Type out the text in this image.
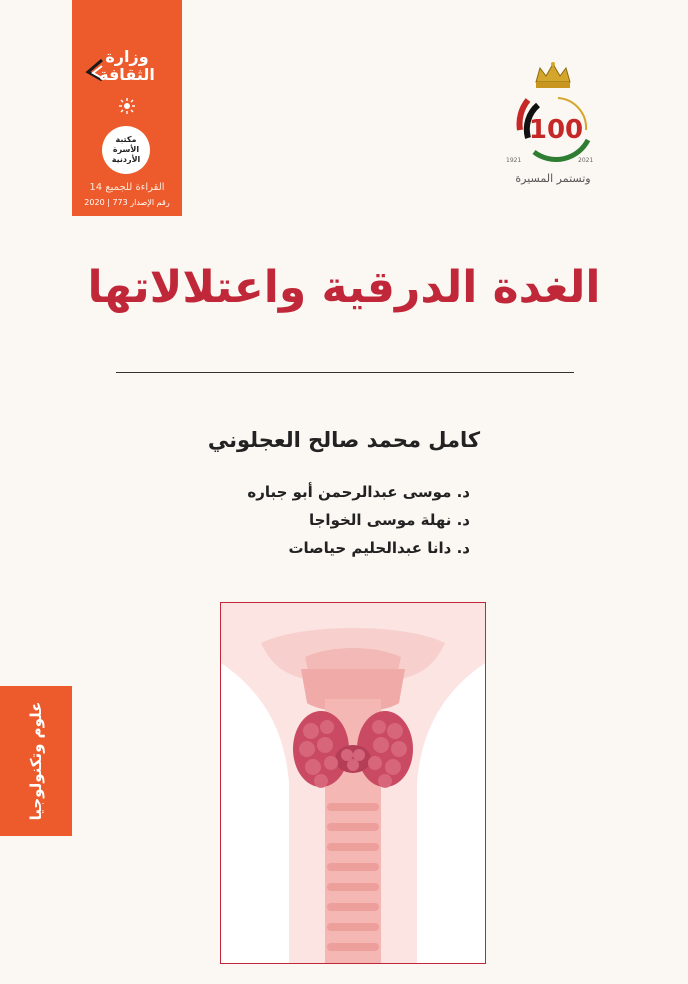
وزارة
الثقافة
مكتبة الأسرة الأردنية
القراءة للجميع 14
رقم الإصدار 773 | 2020
100
1921	2021
وتستمر المسيرة
الغدة الدرقية واعتلالاتها
كامل محمد صالح العجلوني
د. موسى عبدالرحمن أبو جباره
د. نهلة موسى الخواجا
د. دانا عبدالحليم حياصات
علوم وتكنولوجيا
